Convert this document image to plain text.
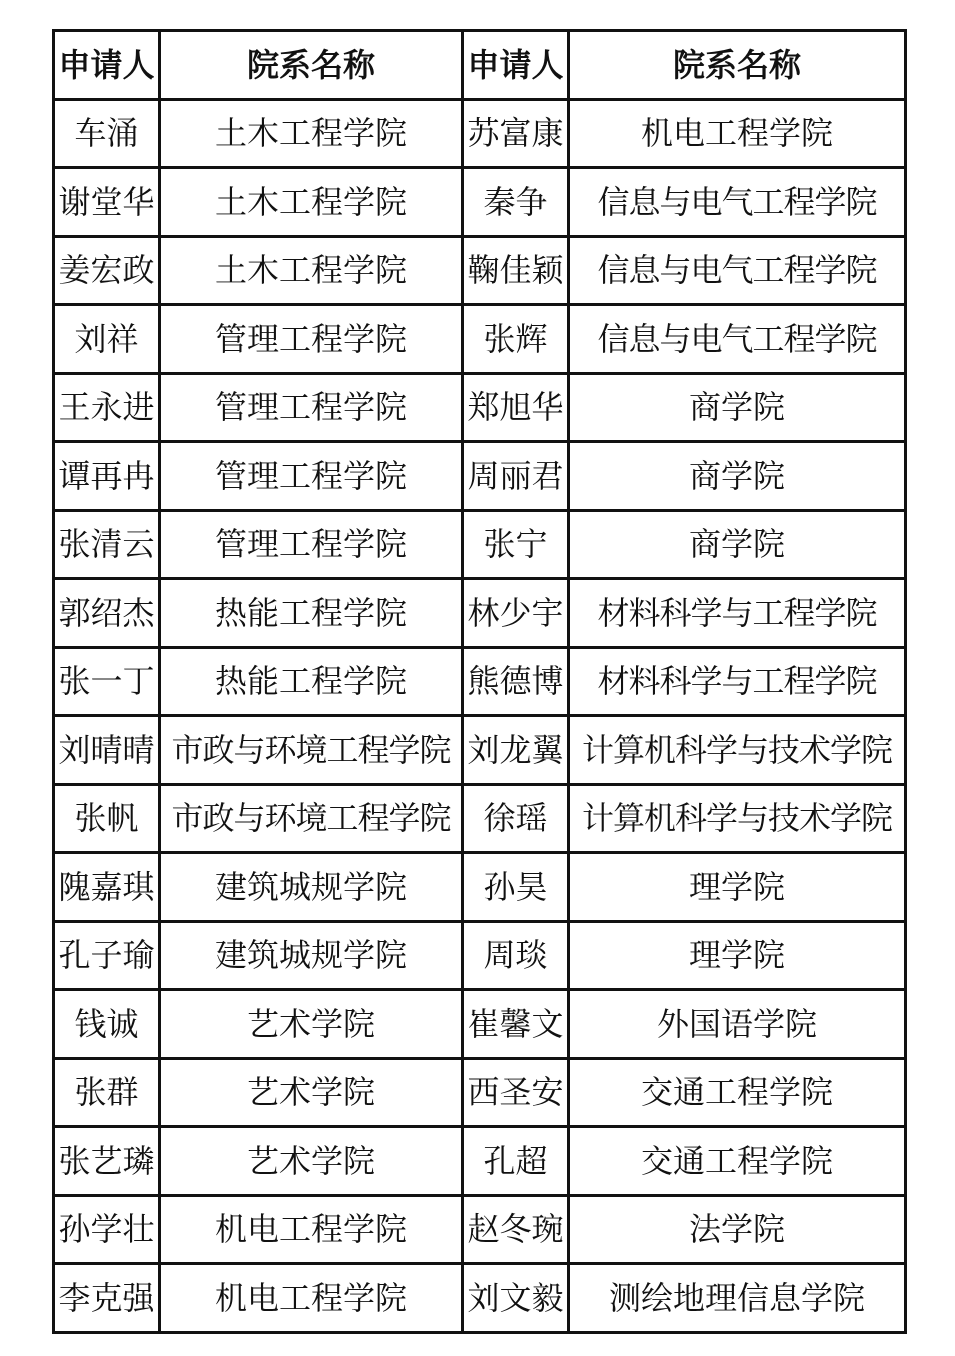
申请人	院系名称	申请人	院系名称
车涌	土木工程学院	苏富康	机电工程学院
谢堂华	土木工程学院	秦争	信息与电气工程学院
姜宏政	土木工程学院	鞠佳颖	信息与电气工程学院
刘祥	管理工程学院	张辉	信息与电气工程学院
王永进	管理工程学院	郑旭华	商学院
谭再冉	管理工程学院	周丽君	商学院
张清云	管理工程学院	张宁	商学院
郭绍杰	热能工程学院	林少宇	材料科学与工程学院
张一丁	热能工程学院	熊德博	材料科学与工程学院
刘晴晴	市政与环境工程学院	刘龙翼	计算机科学与技术学院
张帆	市政与环境工程学院	徐瑶	计算机科学与技术学院
隗嘉琪	建筑城规学院	孙昊	理学院
孔子瑜	建筑城规学院	周琰	理学院
钱诚	艺术学院	崔馨文	外国语学院
张群	艺术学院	西圣安	交通工程学院
张艺璘	艺术学院	孔超	交通工程学院
孙学壮	机电工程学院	赵冬琬	法学院
李克强	机电工程学院	刘文毅	测绘地理信息学院
